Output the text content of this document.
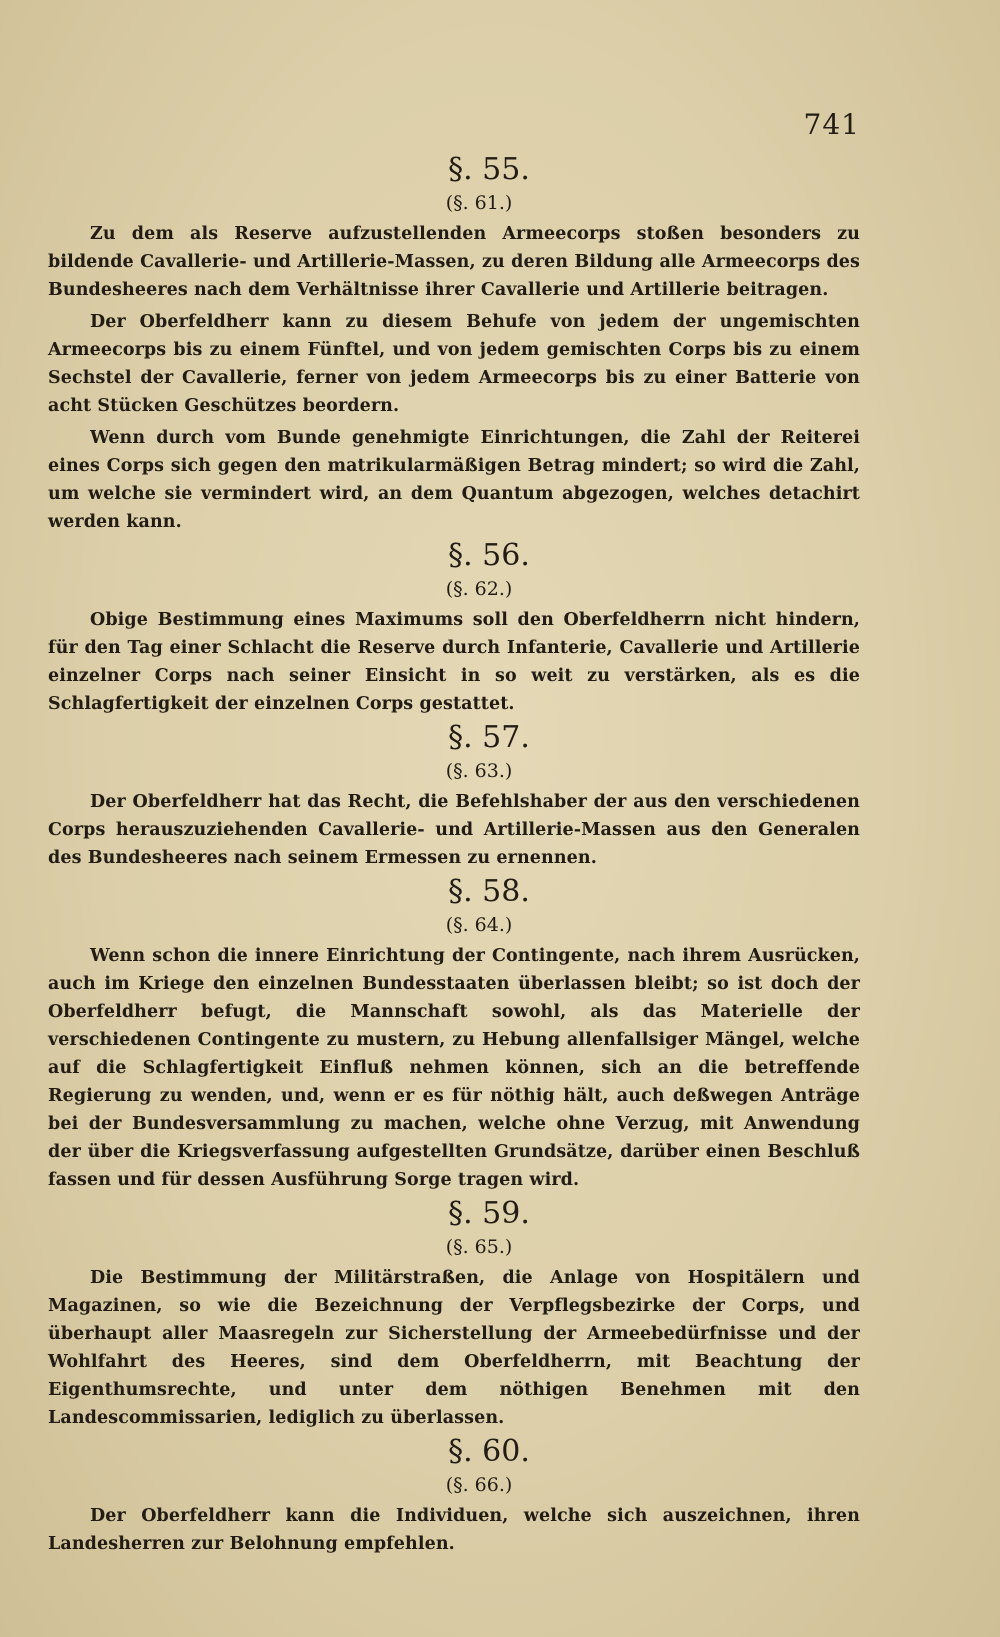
741

§. 55.

(§. 61.)

Zu dem als Reserve aufzustellenden Armeecorps stoßen besonders zu bildende Cavallerie- und Artillerie-Massen, zu deren Bildung alle Armeecorps des Bundesheeres nach dem Verhältnisse ihrer Cavallerie und Artillerie beitragen.

Der Oberfeldherr kann zu diesem Behufe von jedem der ungemischten Armeecorps bis zu einem Fünftel, und von jedem gemischten Corps bis zu einem Sechstel der Cavallerie, ferner von jedem Armeecorps bis zu einer Batterie von acht Stücken Geschützes beordern.

Wenn durch vom Bunde genehmigte Einrichtungen, die Zahl der Reiterei eines Corps sich gegen den matrikularmäßigen Betrag mindert; so wird die Zahl, um welche sie vermindert wird, an dem Quantum abgezogen, welches detachirt werden kann.

§. 56.

(§. 62.)

Obige Bestimmung eines Maximums soll den Oberfeldherrn nicht hindern, für den Tag einer Schlacht die Reserve durch Infanterie, Cavallerie und Artillerie einzelner Corps nach seiner Einsicht in so weit zu verstärken, als es die Schlagfertigkeit der einzelnen Corps gestattet.

§. 57.

(§. 63.)

Der Oberfeldherr hat das Recht, die Befehlshaber der aus den verschiedenen Corps herauszuziehenden Cavallerie- und Artillerie-Massen aus den Generalen des Bundesheeres nach seinem Ermessen zu ernennen.

§. 58.

(§. 64.)

Wenn schon die innere Einrichtung der Contingente, nach ihrem Ausrücken, auch im Kriege den einzelnen Bundesstaaten überlassen bleibt; so ist doch der Oberfeldherr befugt, die Mannschaft sowohl, als das Materielle der verschiedenen Contingente zu mustern, zu Hebung allenfallsiger Mängel, welche auf die Schlagfertigkeit Einfluß nehmen können, sich an die betreffende Regierung zu wenden, und, wenn er es für nöthig hält, auch deßwegen Anträge bei der Bundesversammlung zu machen, welche ohne Verzug, mit Anwendung der über die Kriegsverfassung aufgestellten Grundsätze, darüber einen Beschluß fassen und für dessen Ausführung Sorge tragen wird.

§. 59.

(§. 65.)

Die Bestimmung der Militärstraßen, die Anlage von Hospitälern und Magazinen, so wie die Bezeichnung der Verpflegsbezirke der Corps, und überhaupt aller Maasregeln zur Sicherstellung der Armeebedürfnisse und der Wohlfahrt des Heeres, sind dem Oberfeldherrn, mit Beachtung der Eigenthumsrechte, und unter dem nöthigen Benehmen mit den Landescommissarien, lediglich zu überlassen.

§. 60.

(§. 66.)

Der Oberfeldherr kann die Individuen, welche sich auszeichnen, ihren Landesherren zur Belohnung empfehlen.
